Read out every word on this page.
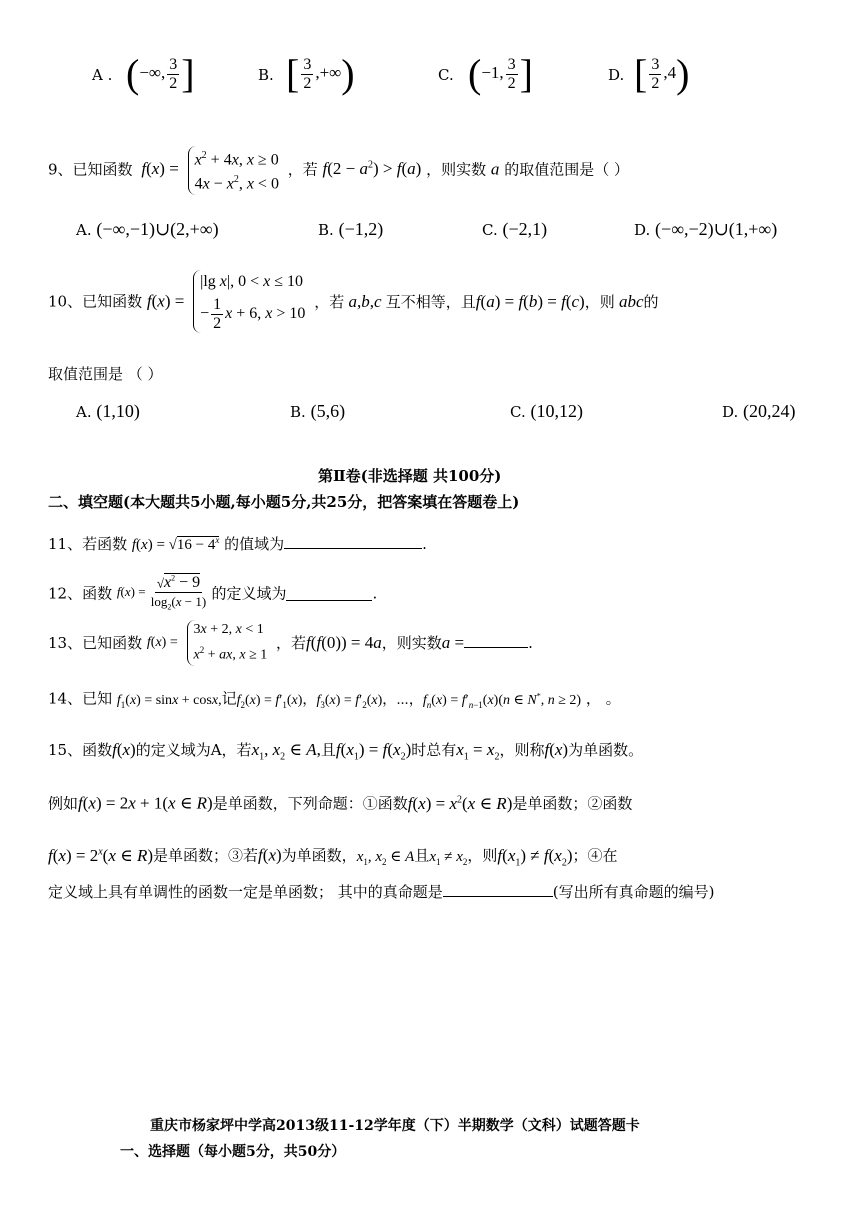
A . (−∞, $\frac{3}{2}$ ]	B. [ $\frac{3}{2}$ ,+∞)	C. (−1, $\frac{3}{2}$ ]	D. [ $\frac{3}{2} ,4$)
9、已知函数 $f(x) = x^2 + 4x$, x ≥ 0
$4x - x^2$, x < 0
，若 $f(2 - a^2) > f(a)$ ，则实数 a 的取值范围是（ ）
A. (−∞,−1)∪(2,+∞)	B. (−1,2)	C. (−2,1)	D. (−∞,−2)∪(1,+∞)
10、已知函数 f(x) =
|lg x|, 0 < x ≤ 10
− $\frac{1}{2}$ x + 6, x > 10
，若 a,b,c 互不相等，且f(a) = f(b) = f(c)，则 abc的
取值范围是 （ ）
A. (1,10)	B. (5,6)	C. (10,12)	D. (20,24)
第Ⅱ卷(非选择题 共100分)
二、填空题(本大题共5小题,每小题5分,共25分，把答案填在答题卷上)
11、若函数 $f(x) = √16 - 4^x$ 的值域为	.
12、函数 $f(x) = \frac{√x^2 - 9}{\log_2(x - 1)}$ 的定义域为	.
13、已知函数 f(x) =
3x + 2, x < 1
$x^2$ + ax, x ≥ 1
，若f(f(0)) = 4a，则实数a =	.
14、已知 $f_1(x) = \sin x + \cos x$,记$f_2(x) = f'_1(x)$，$f_3(x) = f'_2(x)$，⋯，$f_n(x) = f'_{n-1}(x)(n$ ∈ N*, n ≥ 2) ， 。
15、函数f(x)的定义域为A，若$x_1$, $x_2$ ∈ A,且$f(x_1) = f(x_2)$时总有$x_1 = x_2$，则称f(x)为单函数。
例如f(x) = 2x + 1(x ∈ R)是单函数，下列命题：①函数$f(x) = x^2(x$ ∈ R)是单函数；②函数
$f(x) = 2^x(x$ ∈ R)是单函数；③若f(x)为单函数，$x_1$, $x_2$ ∈ A且$x_1 \ne x_2$，则$f(x_1) \ne f(x_2)$；④在
定义域上具有单调性的函数一定是单函数； 其中的真命题是	(写出所有真命题的编号)
重庆市杨家坪中学高2013级11-12学年度（下）半期数学（文科）试题答题卡
一、选择题（每小题5分，共50分）
